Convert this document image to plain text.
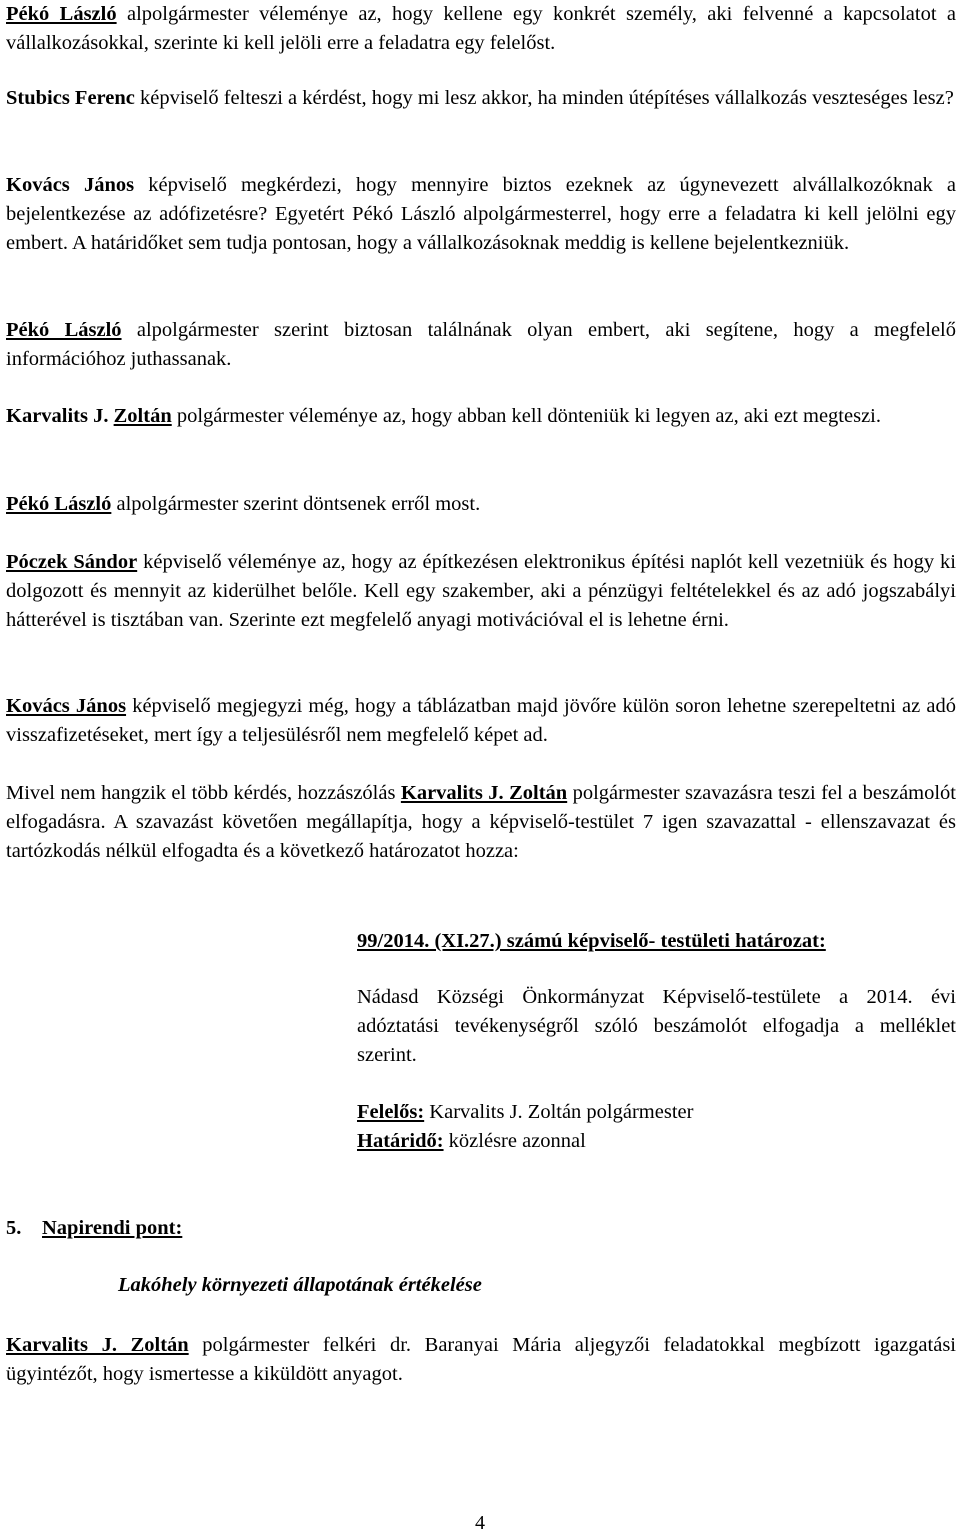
Pékó László alpolgármester véleménye az, hogy kellene egy konkrét személy, aki felvenné a kapcsolatot a vállalkozásokkal, szerinte ki kell jelöli erre a feladatra egy felelőst.

Stubics Ferenc képviselő felteszi a kérdést, hogy mi lesz akkor, ha minden útépítéses vállalkozás veszteséges lesz?

Kovács János képviselő megkérdezi, hogy mennyire biztos ezeknek az úgynevezett alvállalkozóknak a bejelentkezése az adófizetésre? Egyetért Pékó László alpolgármesterrel, hogy erre a feladatra ki kell jelölni egy embert. A határidőket sem tudja pontosan, hogy a vállalkozásoknak meddig is kellene bejelentkezniük.

Pékó László alpolgármester szerint biztosan találnának olyan embert, aki segítene, hogy a megfelelő információhoz juthassanak.

Karvalits J. Zoltán polgármester véleménye az, hogy abban kell dönteniük ki legyen az, aki ezt megteszi.

Pékó László alpolgármester szerint döntsenek erről most.

Póczek Sándor képviselő véleménye az, hogy az építkezésen elektronikus építési naplót kell vezetniük és hogy ki dolgozott és mennyit az kiderülhet belőle. Kell egy szakember, aki a pénzügyi feltételekkel és az adó jogszabályi hátterével is tisztában van. Szerinte ezt megfelelő anyagi motivációval el is lehetne érni.

Kovács János képviselő megjegyzi még, hogy a táblázatban majd jövőre külön soron lehetne szerepeltetni az adó visszafizetéseket, mert így a teljesülésről nem megfelelő képet ad.

Mivel nem hangzik el több kérdés, hozzászólás Karvalits J. Zoltán polgármester szavazásra teszi fel a beszámolót elfogadásra. A szavazást követően megállapítja, hogy a képviselő-testület 7 igen szavazattal - ellenszavazat és tartózkodás nélkül elfogadta és a következő határozatot hozza:

99/2014. (XI.27.) számú képviselő- testületi határozat:
Nádasd Községi Önkormányzat Képviselő-testülete a 2014. évi adóztatási tevékenységről szóló beszámolót elfogadja a melléklet szerint.
Felelős: Karvalits J. Zoltán polgármester
Határidő: közlésre azonnal
5. Napirendi pont:
Lakóhely környezeti állapotának értékelése

Karvalits J. Zoltán polgármester felkéri dr. Baranyai Mária aljegyzői feladatokkal megbízott igazgatási ügyintézőt, hogy ismertesse a kiküldött anyagot.

4
